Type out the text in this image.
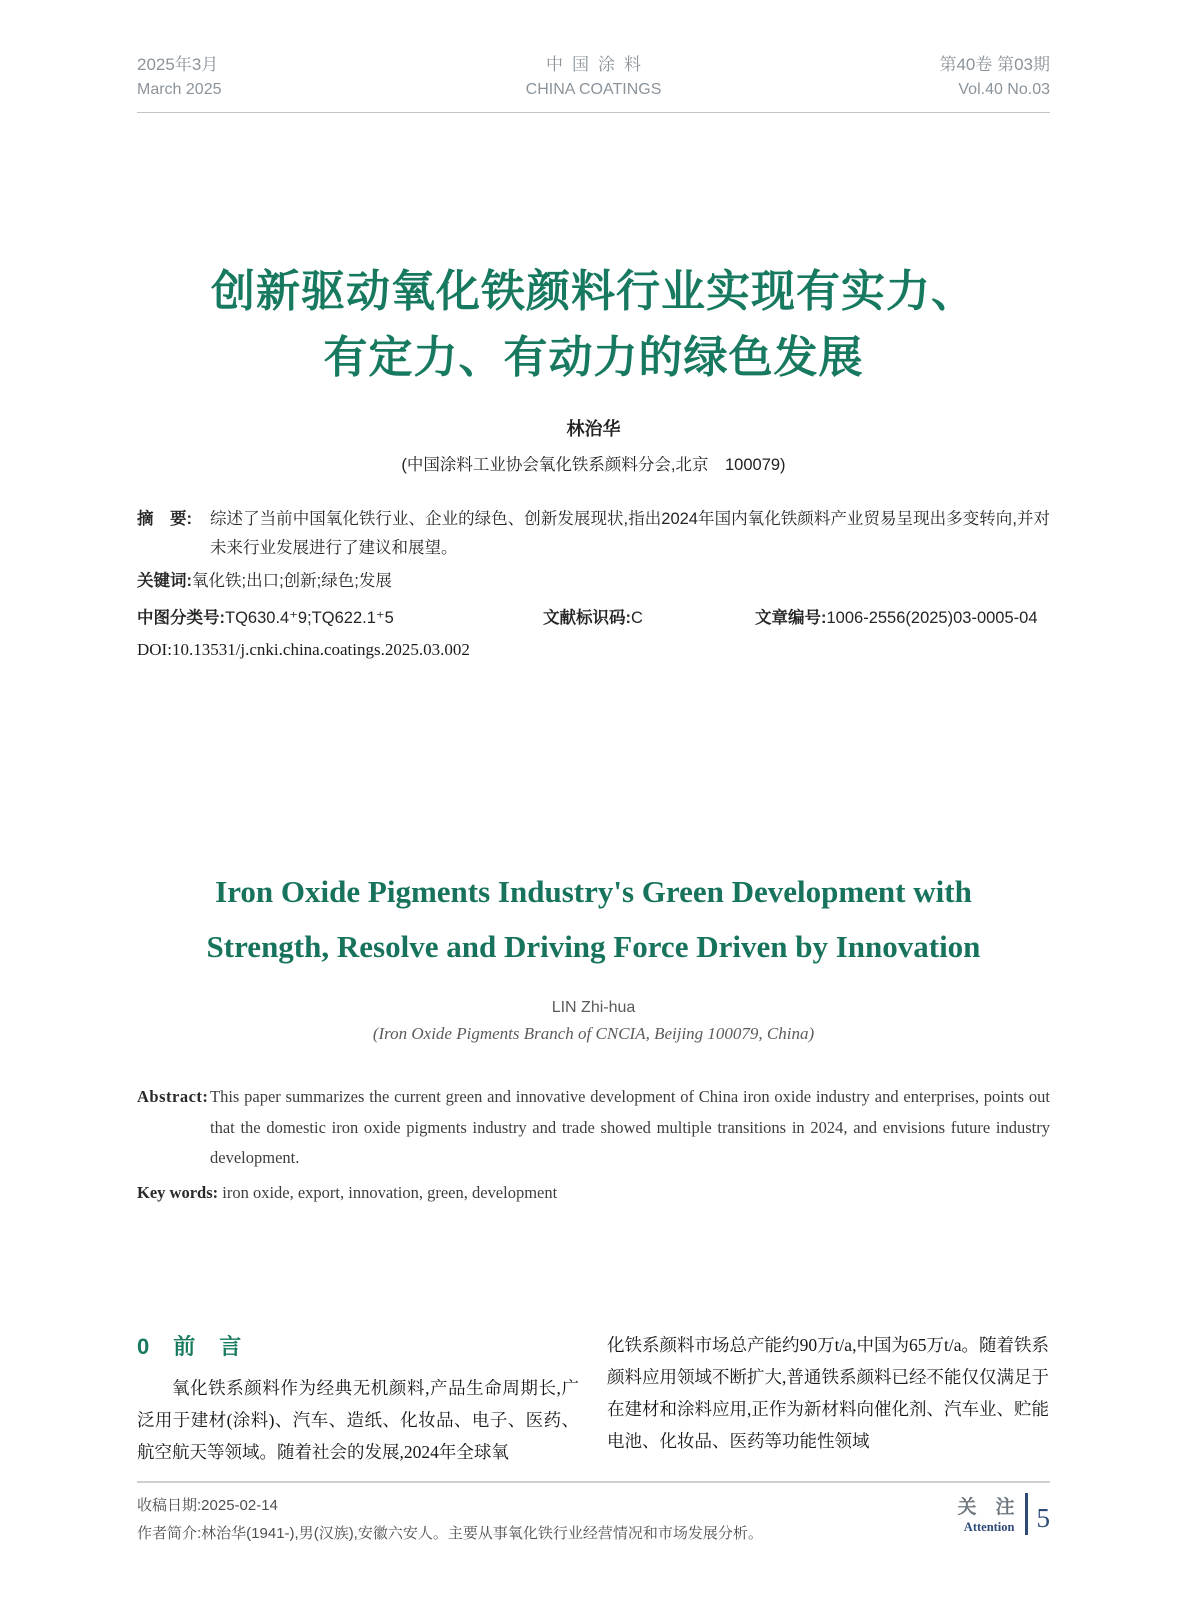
2025年3月
March 2025
中国涂料
CHINA COATINGS
第40卷 第03期
Vol.40 No.03
创新驱动氧化铁颜料行业实现有实力、
有定力、有动力的绿色发展
林治华
(中国涂料工业协会氧化铁系颜料分会,北京　100079)
摘　要:	综述了当前中国氧化铁行业、企业的绿色、创新发展现状,指出2024年国内氧化铁颜料产业贸易呈现出多变转向,并对未来行业发展进行了建议和展望。
关键词:氧化铁;出口;创新;绿色;发展
中图分类号:TQ630.4⁺9;TQ622.1⁺5	文献标识码:C	文章编号:1006-2556(2025)03-0005-04
DOI:10.13531/j.cnki.china.coatings.2025.03.002
Iron Oxide Pigments Industry's Green Development with
Strength, Resolve and Driving Force Driven by Innovation
LIN Zhi-hua
(Iron Oxide Pigments Branch of CNCIA, Beijing 100079, China)
Abstract: This paper summarizes the current green and innovative development of China iron oxide industry and enterprises, points out that the domestic iron oxide pigments industry and trade showed multiple transitions in 2024, and envisions future industry development.
Key words: iron oxide, export, innovation, green, development
0　前　言

氧化铁系颜料作为经典无机颜料,产品生命周期长,广泛用于建材(涂料)、汽车、造纸、化妆品、电子、医药、航空航天等领域。随着社会的发展,2024年全球氧

化铁系颜料市场总产能约90万t/a,中国为65万t/a。随着铁系颜料应用领域不断扩大,普通铁系颜料已经不能仅仅满足于在建材和涂料应用,正作为新材料向催化剂、汽车业、贮能电池、化妆品、医药等功能性领域

收稿日期:2025-02-14
作者简介:林治华(1941-),男(汉族),安徽六安人。主要从事氧化铁行业经营情况和市场发展分析。
关　注
Attention 5
